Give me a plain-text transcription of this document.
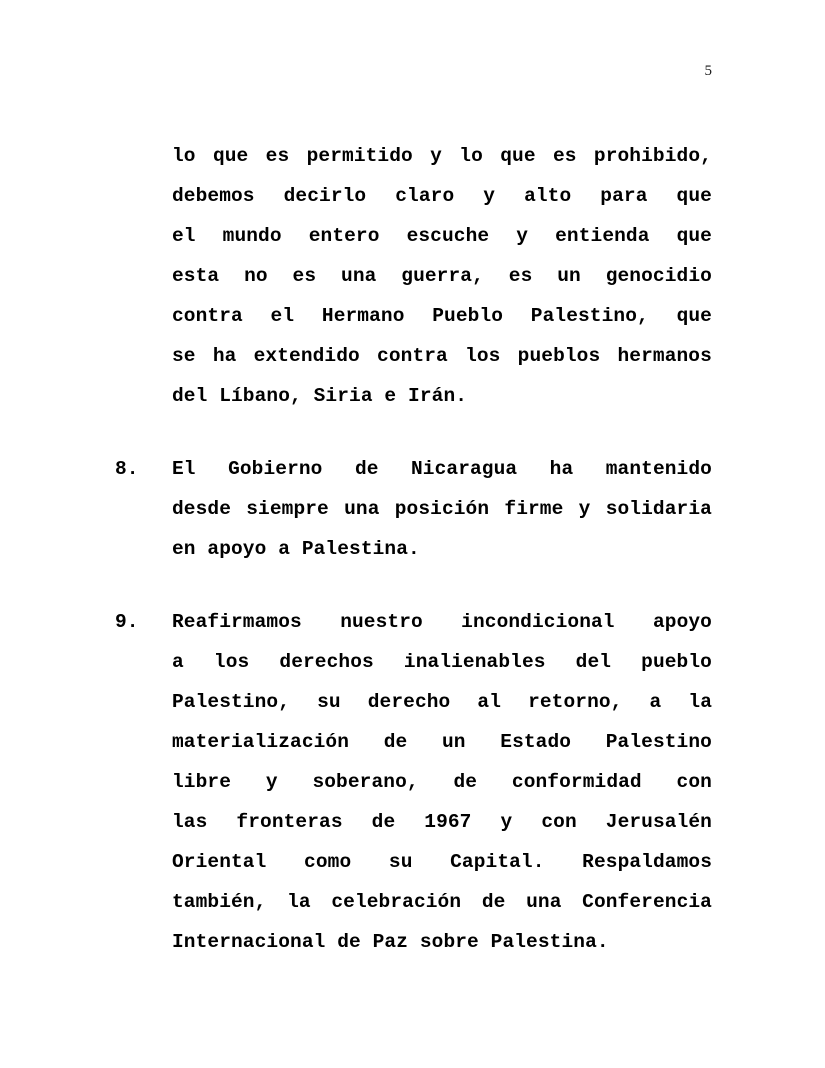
5
lo que es permitido y lo que es prohibido,
debemos decirlo claro y alto para que
el mundo entero escuche y entienda que
esta no es una guerra, es un genocidio
contra el Hermano Pueblo Palestino, que
se ha extendido contra los pueblos hermanos
del Líbano, Siria e Irán.
8.	El Gobierno de Nicaragua ha mantenido
desde siempre una posición firme y solidaria
en apoyo a Palestina.
9.	Reafirmamos nuestro incondicional apoyo
a los derechos inalienables del pueblo
Palestino, su derecho al retorno, a la
materialización de un Estado Palestino
libre y soberano, de conformidad con
las fronteras de 1967 y con Jerusalén
Oriental como su Capital. Respaldamos
también, la celebración de una Conferencia
Internacional de Paz sobre Palestina.
